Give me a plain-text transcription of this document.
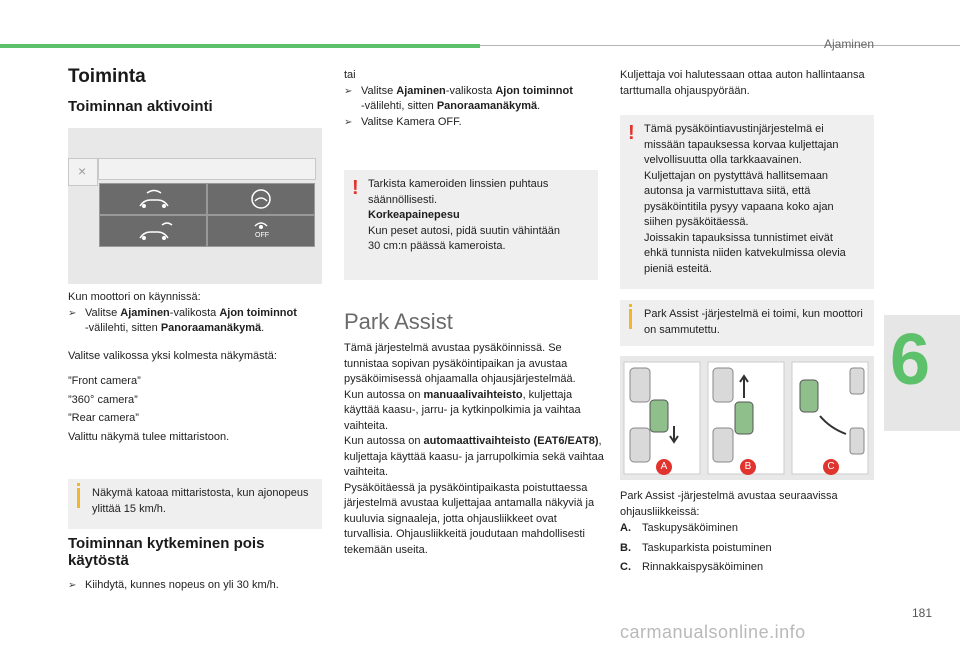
Ajaminen
6
Toiminta
Toiminnan aktivointi
×
OFF
Kun moottori on käynnissä:
➢ Valitse Ajaminen-valikosta Ajon toiminnot
-välilehti, sitten Panoraamanäkymä.
Valitse valikossa yksi kolmesta näkymästä:
”Front camera”
”360° camera”
”Rear camera”
Valittu näkymä tulee mittaristoon.
Näkymä katoaa mittaristosta, kun ajonopeus ylittää 15 km/h.
Toiminnan kytkeminen pois
käytöstä
➢ Kiihdytä, kunnes nopeus on yli 30 km/h.
tai
➢ Valitse Ajaminen-valikosta Ajon toiminnot
-välilehti, sitten Panoraamanäkymä.
➢ Valitse Kamera OFF.
! Tarkista kameroiden linssien puhtaus
säännöllisesti.
Korkeapainepesu
Kun peset autosi, pidä suutin vähintään
30 cm:n päässä kameroista.
Park Assist
Tämä järjestelmä avustaa pysäköinnissä. Se tunnistaa sopivan pysäköintipaikan ja avustaa pysäköimisessä ohjaamalla ohjausjärjestelmää.
Kun autossa on manuaalivaihteisto, kuljettaja käyttää kaasu-, jarru- ja kytkinpolkimia ja vaihtaa vaihteita.
Kun autossa on automaattivaihteisto (EAT6/EAT8), kuljettaja käyttää kaasu- ja jarrupolkimia sekä vaihtaa vaihteita.
Pysäköitäessä ja pysäköintipaikasta poistuttaessa järjestelmä avustaa kuljettajaa antamalla näkyviä ja kuuluvia signaaleja, jotta ohjausliikkeet ovat turvallisia. Ohjausliikkeitä joudutaan mahdollisesti tekemään useita.
Kuljettaja voi halutessaan ottaa auton hallintaansa tarttumalla ohjauspyörään.
! Tämä pysäköintiavustinjärjestelmä ei
missään tapauksessa korvaa kuljettajan
velvollisuutta olla tarkkaavainen.
Kuljettajan on pystyttävä hallitsemaan
autonsa ja varmistuttava siitä, että
pysäköintitila pysyy vapaana koko ajan
siihen pysäköitäessä.
Joissakin tapauksissa tunnistimet eivät
ehkä tunnista niiden katvekulmissa olevia
pieniä esteitä.
Park Assist -järjestelmä ei toimi, kun moottori on sammutettu.
A	B	C
Park Assist -järjestelmä avustaa seuraavissa ohjausliikkeissä:
A. Taskupysäköiminen
B. Taskuparkista poistuminen
C. Rinnakkaispysäköiminen
181
carmanualsonline.info
